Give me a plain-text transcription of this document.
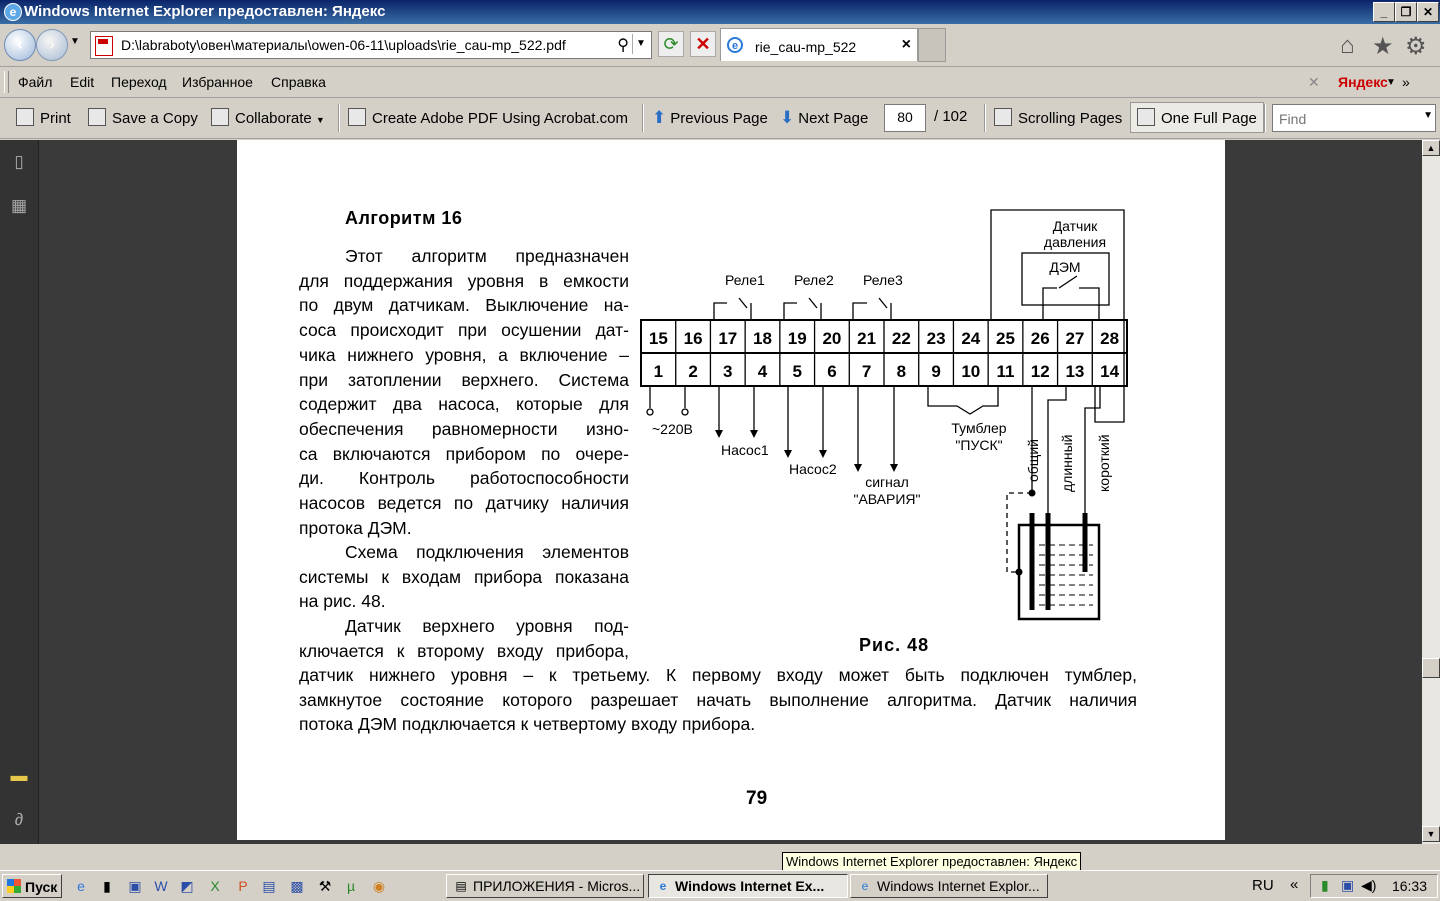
e Windows Internet Explorer предоставлен: Яндекс	_	❐ ✕
‹	›	▼	D:\labraboty\овен\материалы\owen-06-11\uploads\rie_cau-mp_522.pdf	⚲ ▼ ⟳ ✕	e	rie_cau-mp_522	×	⌂ ★ ⚙
Файл Edit Переход Избранное Справка	✕ Яндекс
▼ »
Print	Save a Copy	Collaborate ▼	Create Adobe PDF Using Acrobat.com ⬆ Previous Page ⬇ Next Page	/ 102	Scrolling Pages	One Full Page
80
Find	▼
▯
▦
▬
∂
Алгоритм 16
Этот алгоритм предназначен
для поддержания уровня в емкости
по двум датчикам. Выключение на-
соса происходит при осушении дат-
чика нижнего уровня, а включение –
при затоплении верхнего. Система
содержит два насоса, которые для
обеспечения равномерности изно-
са включаются прибором по очере-
ди. Контроль работоспособности
насосов ведется по датчику наличия
протока ДЭМ.
Схема подключения элементов
системы к входам прибора показана
на рис. 48.
Датчик верхнего уровня под-
ключается к второму входу прибора,
датчик нижнего уровня – к третьему. К первому входу может быть подключен тумблер,
замкнутое состояние которого разрешает начать выполнение алгоритма. Датчик наличия
потока ДЭМ подключается к четвертому входу прибора.
15 16 17 18 19 20 21 22 23 24 25 26 27 28
1 2 3 4 5 6 7 8 9 10 11 12 13 14
Реле1 Реле2 Реле3
Датчик
давления
ДЭМ
~220В
Насос1
Насос2
сигнал
"АВАРИЯ"
Тумблер
"ПУСК" общий длинный короткий
Рис. 48
79
▲
▼
Windows Internet Explorer предоставлен: Яндекс
Пуск	e	▮	▣ W ◩	X	P	▤ ▩ ⚒	µ	◉	▤ ПРИЛОЖЕНИЯ - Micros...	e Windows Internet Ex...	e Windows Internet Explor...	▮ ▣ ◀) 16:33
RU «
